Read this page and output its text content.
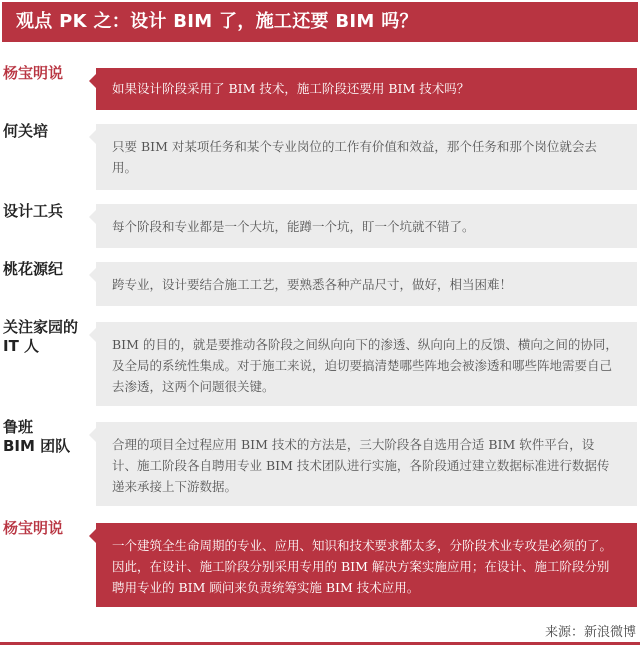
观点 PK 之：设计 BIM 了，施工还要 BIM 吗？
杨宝明说

如果设计阶段采用了 BIM 技术，施工阶段还要用 BIM 技术吗？

何关培

只要 BIM 对某项任务和某个专业岗位的工作有价值和效益，那个任务和那个岗位就会去用。

设计工兵

每个阶段和专业都是一个大坑，能蹲一个坑，盯一个坑就不错了。

桃花源纪

跨专业，设计要结合施工工艺，要熟悉各种产品尺寸，做好，相当困难！

关注家园的
IT 人	BIM 的目的，就是要推动各阶段之间纵向向下的渗透、纵向向上的反馈、横向之间的协同，及全局的系统性集成。对于施工来说，迫切要搞清楚哪些阵地会被渗透和哪些阵地需要自己去渗透，这两个问题很关键。

鲁班
BIM 团队	合理的项目全过程应用 BIM 技术的方法是，三大阶段各自选用合适 BIM 软件平台，设计、施工阶段各自聘用专业 BIM 技术团队进行实施，各阶段通过建立数据标准进行数据传递来承接上下游数据。

杨宝明说

一个建筑全生命周期的专业、应用、知识和技术要求都太多，分阶段术业专攻是必须的了。因此，在设计、施工阶段分别采用专用的 BIM 解决方案实施应用；在设计、施工阶段分别聘用专业的 BIM 顾问来负责统筹实施 BIM 技术应用。

来源：新浪微博
